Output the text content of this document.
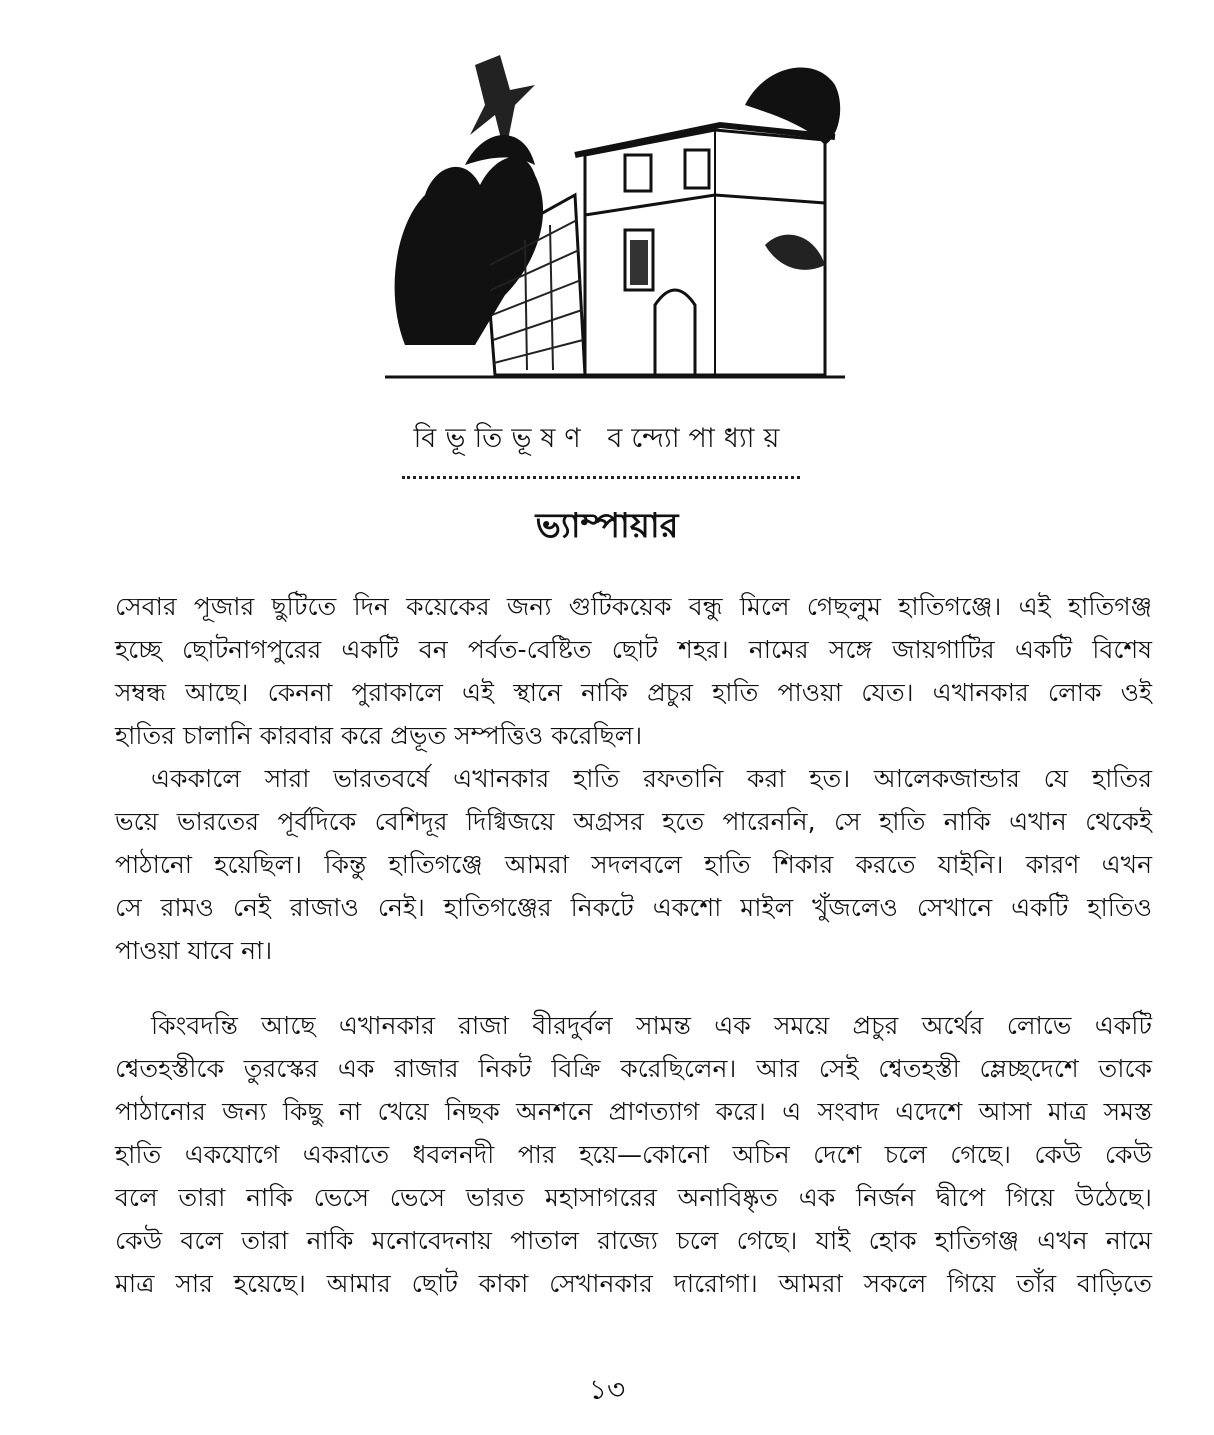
বিভূতিভূষণ বন্দ্যোপাধ্যায়
ভ্যাম্পায়ার
সেবার পূজার ছুটিতে দিন কয়েকের জন্য গুটিকয়েক বন্ধু মিলে গেছলুম হাতিগঞ্জে। এই হাতিগঞ্জ
হচ্ছে ছোটনাগপুরের একটি বন পর্বত-বেষ্টিত ছোট শহর। নামের সঙ্গে জায়গাটির একটি বিশেষ
সম্বন্ধ আছে। কেননা পুরাকালে এই স্থানে নাকি প্রচুর হাতি পাওয়া যেত। এখানকার লোক ওই
হাতির চালানি কারবার করে প্রভূত সম্পত্তিও করেছিল।
এককালে সারা ভারতবর্ষে এখানকার হাতি রফতানি করা হত। আলেকজান্ডার যে হাতির
ভয়ে ভারতের পূর্বদিকে বেশিদূর দিগ্বিজয়ে অগ্রসর হতে পারেননি, সে হাতি নাকি এখান থেকেই
পাঠানো হয়েছিল। কিন্তু হাতিগঞ্জে আমরা সদলবলে হাতি শিকার করতে যাইনি। কারণ এখন
সে রামও নেই রাজাও নেই। হাতিগঞ্জের নিকটে একশো মাইল খুঁজলেও সেখানে একটি হাতিও
পাওয়া যাবে না।
কিংবদন্তি আছে এখানকার রাজা বীরদুর্বল সামন্ত এক সময়ে প্রচুর অর্থের লোভে একটি
শ্বেতহস্তীকে তুরস্কের এক রাজার নিকট বিক্রি করেছিলেন। আর সেই শ্বেতহস্তী ম্লেচ্ছদেশে তাকে
পাঠানোর জন্য কিছু না খেয়ে নিছক অনশনে প্রাণত্যাগ করে। এ সংবাদ এদেশে আসা মাত্র সমস্ত
হাতি একযোগে একরাতে ধবলনদী পার হয়ে—কোনো অচিন দেশে চলে গেছে। কেউ কেউ
বলে তারা নাকি ভেসে ভেসে ভারত মহাসাগরের অনাবিষ্কৃত এক নির্জন দ্বীপে গিয়ে উঠেছে।
কেউ বলে তারা নাকি মনোবেদনায় পাতাল রাজ্যে চলে গেছে। যাই হোক হাতিগঞ্জ এখন নামে
মাত্র সার হয়েছে। আমার ছোট কাকা সেখানকার দারোগা। আমরা সকলে গিয়ে তাঁর বাড়িতে
১৩
